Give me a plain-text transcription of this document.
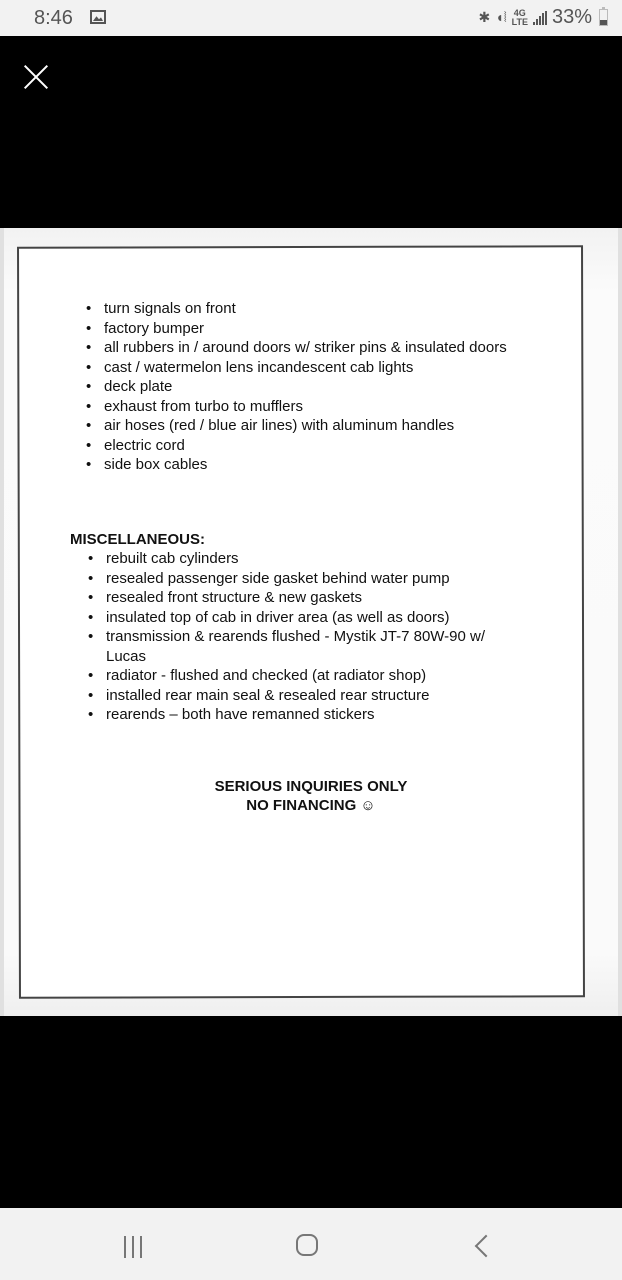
8:46	✱ ◖⦚ 4G
LTE 33%
• turn signals on front
• factory bumper
• all rubbers in / around doors w/ striker pins & insulated doors
• cast / watermelon lens incandescent cab lights
• deck plate
• exhaust from turbo to mufflers
• air hoses (red / blue air lines) with aluminum handles
• electric cord
• side box cables
MISCELLANEOUS:
• rebuilt cab cylinders
• resealed passenger side gasket behind water pump
• resealed front structure & new gaskets
• insulated top of cab in driver area (as well as doors)
• transmission & rearends flushed - Mystik JT-7 80W-90 w/ Lucas
• radiator - flushed and checked (at radiator shop)
• installed rear main seal & resealed rear structure
• rearends – both have remanned stickers
SERIOUS INQUIRIES ONLY
NO FINANCING ☺
